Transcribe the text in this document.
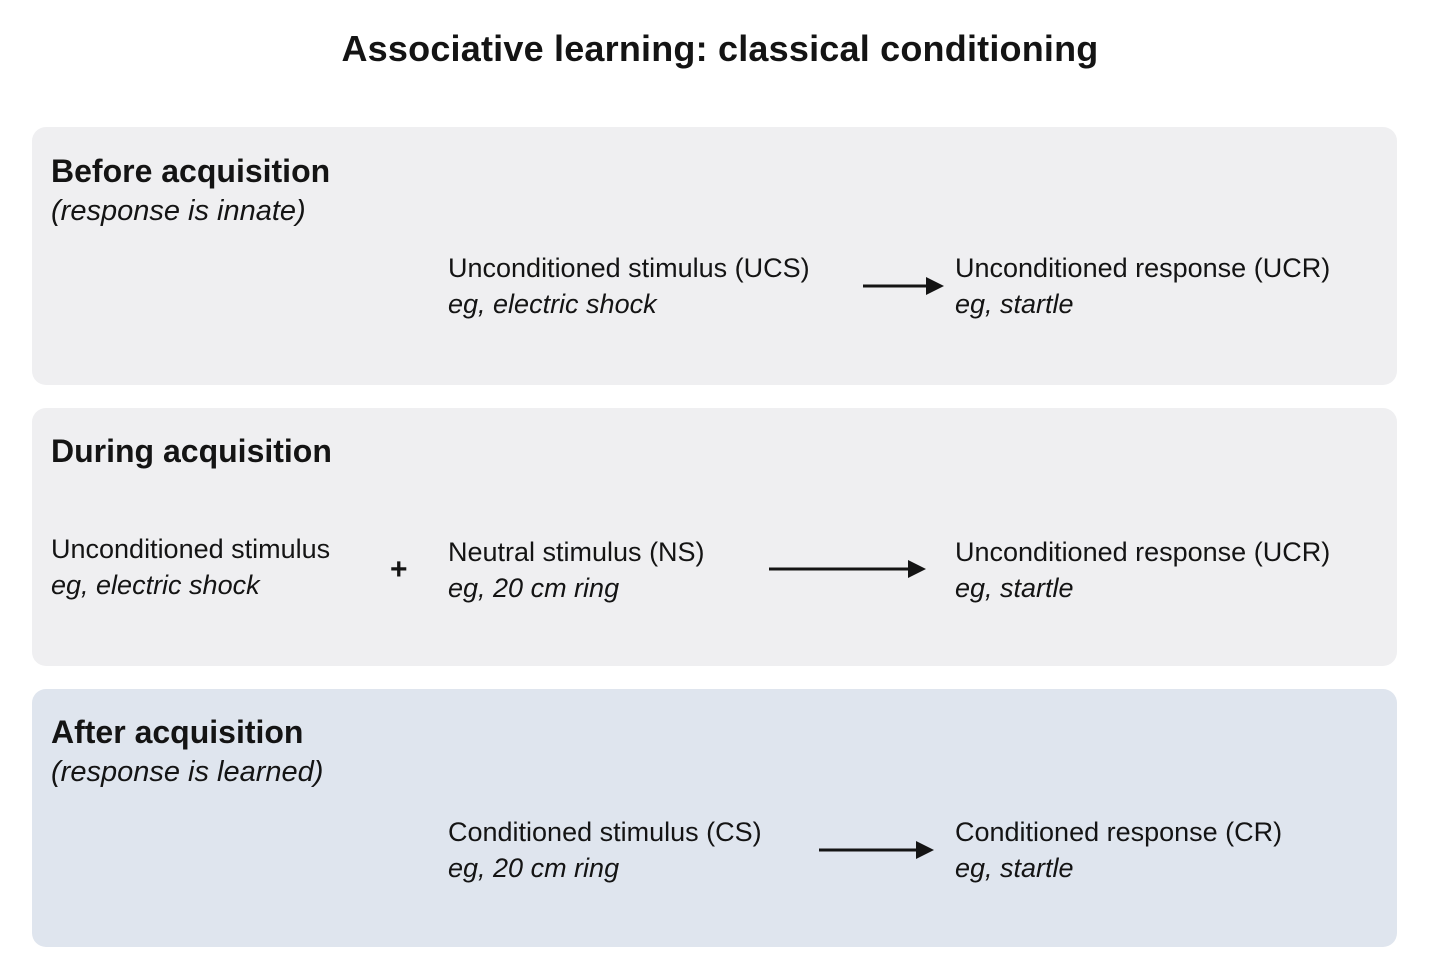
Associative learning: classical conditioning
Before acquisition
(response is innate)
Unconditioned stimulus (UCS)
eg, electric shock
Unconditioned response (UCR)
eg, startle
During acquisition
Unconditioned stimulus
eg, electric shock	+
Neutral stimulus (NS)
eg, 20 cm ring
Unconditioned response (UCR)
eg, startle
After acquisition
(response is learned)
Conditioned stimulus (CS)
eg, 20 cm ring
Conditioned response (CR)
eg, startle
